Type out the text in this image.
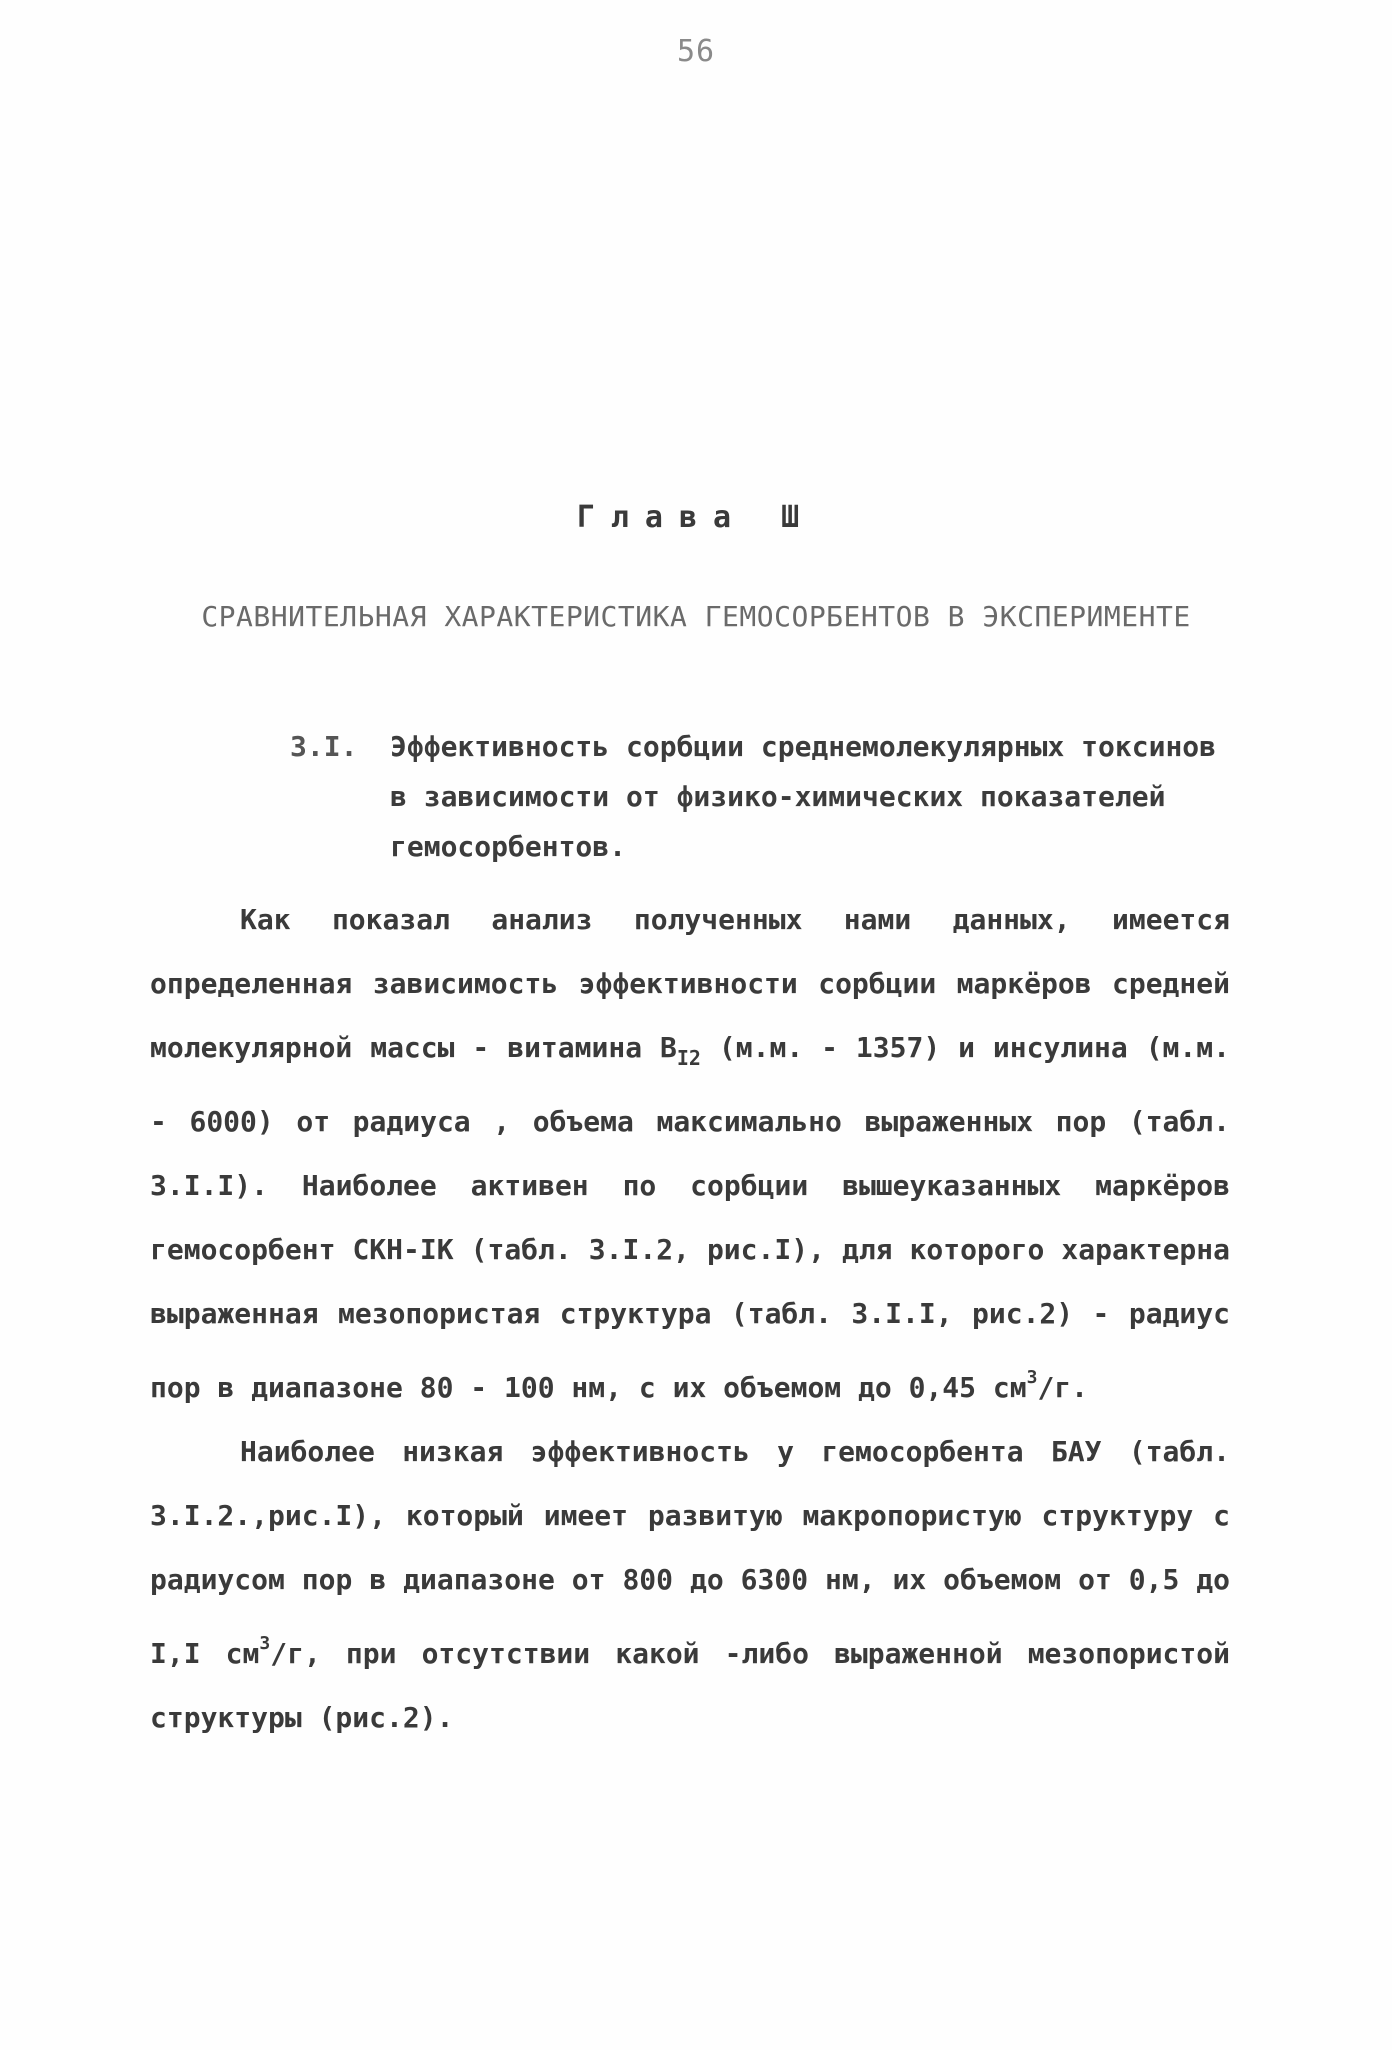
56
Глава Ш
СРАВНИТЕЛЬНАЯ ХАРАКТЕРИСТИКА ГЕМОСОРБЕНТОВ В ЭКСПЕРИМЕНТЕ
3.I.	Эффективность сорбции среднемолекулярных токсинов в зависимости от физико-химических показателей гемосорбентов.

Как показал анализ полученных нами данных, имеется определенная зависимость эффективности сорбции маркёров средней молекулярной массы - витамина $B_{I2}$ (м.м. - 1357) и инсулина (м.м. - 6000) от радиуса , объема максимально выраженных пор (табл. 3.I.I). Наиболее активен по сорбции вышеуказанных маркёров гемосорбент СКН-IК (табл. 3.I.2, рис.I), для которого характерна выраженная мезопористая структура (табл. 3.I.I, рис.2) - радиус пор в диапазоне 80 - 100 нм, с их объемом до 0,45 $см^3/г$.

Наиболее низкая эффективность у гемосорбента БАУ (табл. 3.I.2.,рис.I), который имеет развитую макропористую структуру с радиусом пор в диапазоне от 800 до 6300 нм, их объемом от 0,5 до I,I $см^3/г$, при отсутствии какой -либо выраженной мезопористой структуры (рис.2).
